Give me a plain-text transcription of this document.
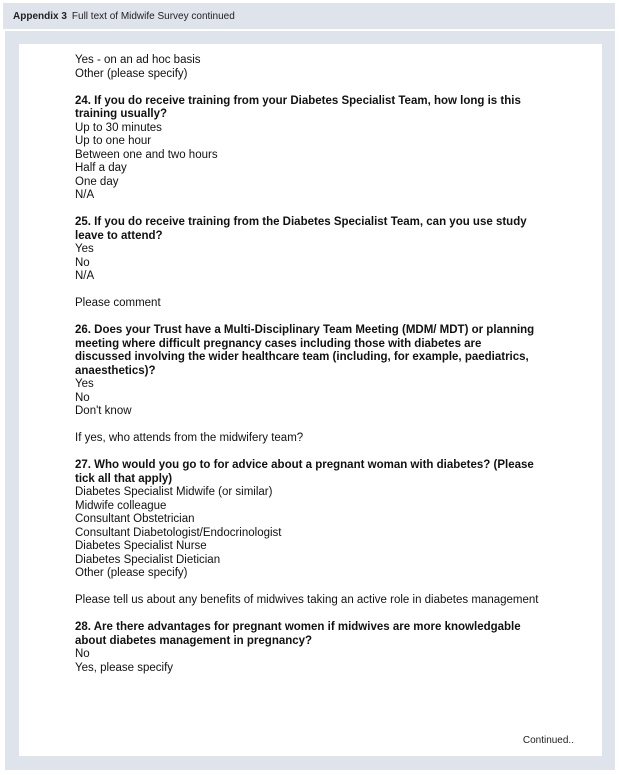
Appendix 3 Full text of Midwife Survey continued
Yes - on an ad hoc basis
Other (please specify)
24. If you do receive training from your Diabetes Specialist Team, how long is this training usually?
Up to 30 minutes
Up to one hour
Between one and two hours
Half a day
One day
N/A
25. If you do receive training from the Diabetes Specialist Team, can you use study leave to attend?
Yes
No
N/A
Please comment
26. Does your Trust have a Multi-Disciplinary Team Meeting (MDM/ MDT) or planning meeting where difficult pregnancy cases including those with diabetes are discussed involving the wider healthcare team (including, for example, paediatrics, anaesthetics)?
Yes
No
Don't know
If yes, who attends from the midwifery team?
27. Who would you go to for advice about a pregnant woman with diabetes? (Please tick all that apply)
Diabetes Specialist Midwife (or similar)
Midwife colleague
Consultant Obstetrician
Consultant Diabetologist/Endocrinologist
Diabetes Specialist Nurse
Diabetes Specialist Dietician
Other (please specify)
Please tell us about any benefits of midwives taking an active role in diabetes management
28. Are there advantages for pregnant women if midwives are more knowledgable about diabetes management in pregnancy?
No
Yes, please specify
Continued..
